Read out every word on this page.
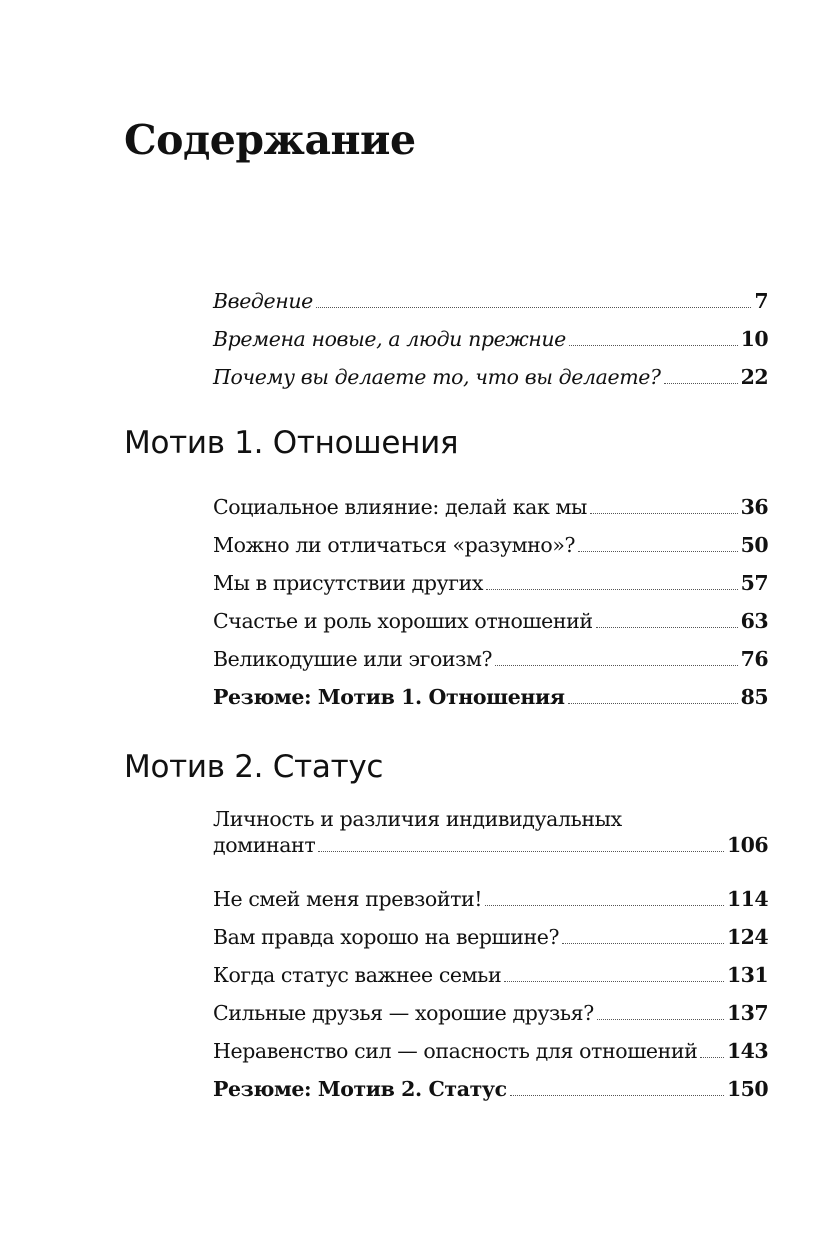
Содержание
Введение	7
Времена новые, а люди прежние	10
Почему вы делаете то, что вы делаете?	22
Мотив 1. Отношения
Социальное влияние: делай как мы	36
Можно ли отличаться «разумно»?	50
Мы в присутствии других	57
Счастье и роль хороших отношений	63
Великодушие или эгоизм?	76
Резюме: Мотив 1. Отношения	85
Мотив 2. Статус
Личность и различия индивидуальных
доминант	106
Не смей меня превзойти!	114
Вам правда хорошо на вершине?	124
Когда статус важнее семьи	131
Сильные друзья — хорошие друзья?	137
Неравенство сил — опасность для отношений 143
Резюме: Мотив 2. Статус	150
